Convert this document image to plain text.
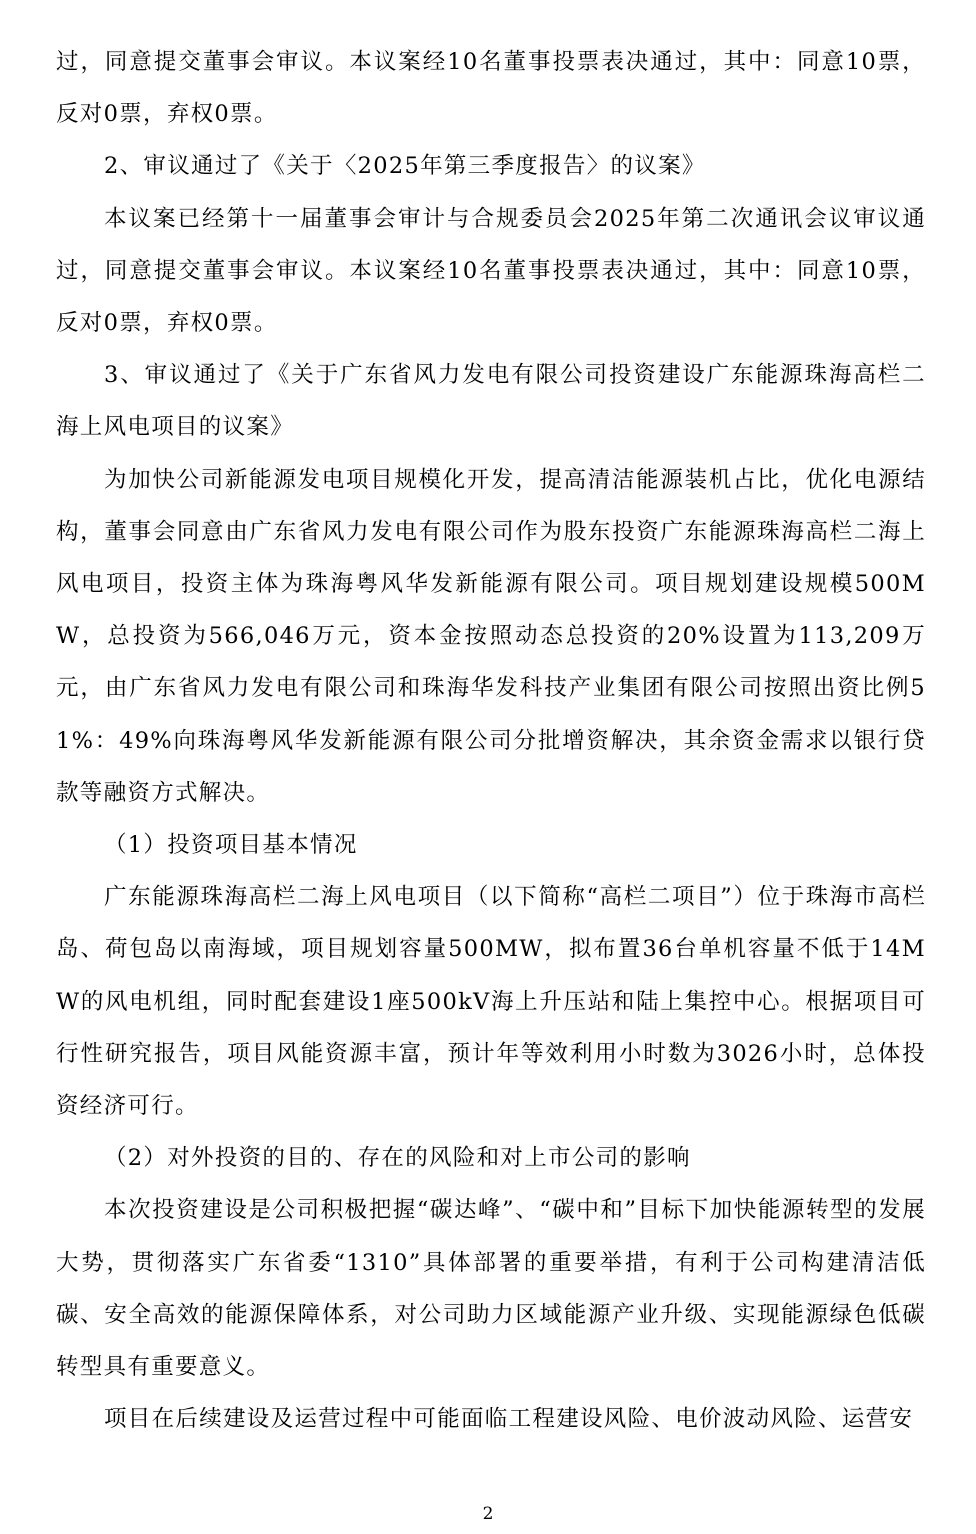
过，同意提交董事会审议。本议案经10名董事投票表决通过，其中：同意10票，反对0票，弃权0票。

2、审议通过了《关于〈2025年第三季度报告〉的议案》

本议案已经第十一届董事会审计与合规委员会2025年第二次通讯会议审议通过，同意提交董事会审议。本议案经10名董事投票表决通过，其中：同意10票，反对0票，弃权0票。

3、审议通过了《关于广东省风力发电有限公司投资建设广东能源珠海高栏二海上风电项目的议案》

为加快公司新能源发电项目规模化开发，提高清洁能源装机占比，优化电源结构，董事会同意由广东省风力发电有限公司作为股东投资广东能源珠海高栏二海上风电项目，投资主体为珠海粤风华发新能源有限公司。项目规划建设规模500MW，总投资为566,046万元，资本金按照动态总投资的20%设置为113,209万元，由广东省风力发电有限公司和珠海华发科技产业集团有限公司按照出资比例51%：49%向珠海粤风华发新能源有限公司分批增资解决，其余资金需求以银行贷款等融资方式解决。

（1）投资项目基本情况

广东能源珠海高栏二海上风电项目（以下简称“高栏二项目”）位于珠海市高栏岛、荷包岛以南海域，项目规划容量500MW，拟布置36台单机容量不低于14MW的风电机组，同时配套建设1座500kV海上升压站和陆上集控中心。根据项目可行性研究报告，项目风能资源丰富，预计年等效利用小时数为3026小时，总体投资经济可行。

（2）对外投资的目的、存在的风险和对上市公司的影响

本次投资建设是公司积极把握“碳达峰”、“碳中和”目标下加快能源转型的发展大势，贯彻落实广东省委“1310”具体部署的重要举措，有利于公司构建清洁低碳、安全高效的能源保障体系，对公司助力区域能源产业升级、实现能源绿色低碳转型具有重要意义。

项目在后续建设及运营过程中可能面临工程建设风险、电价波动风险、运营安

2
